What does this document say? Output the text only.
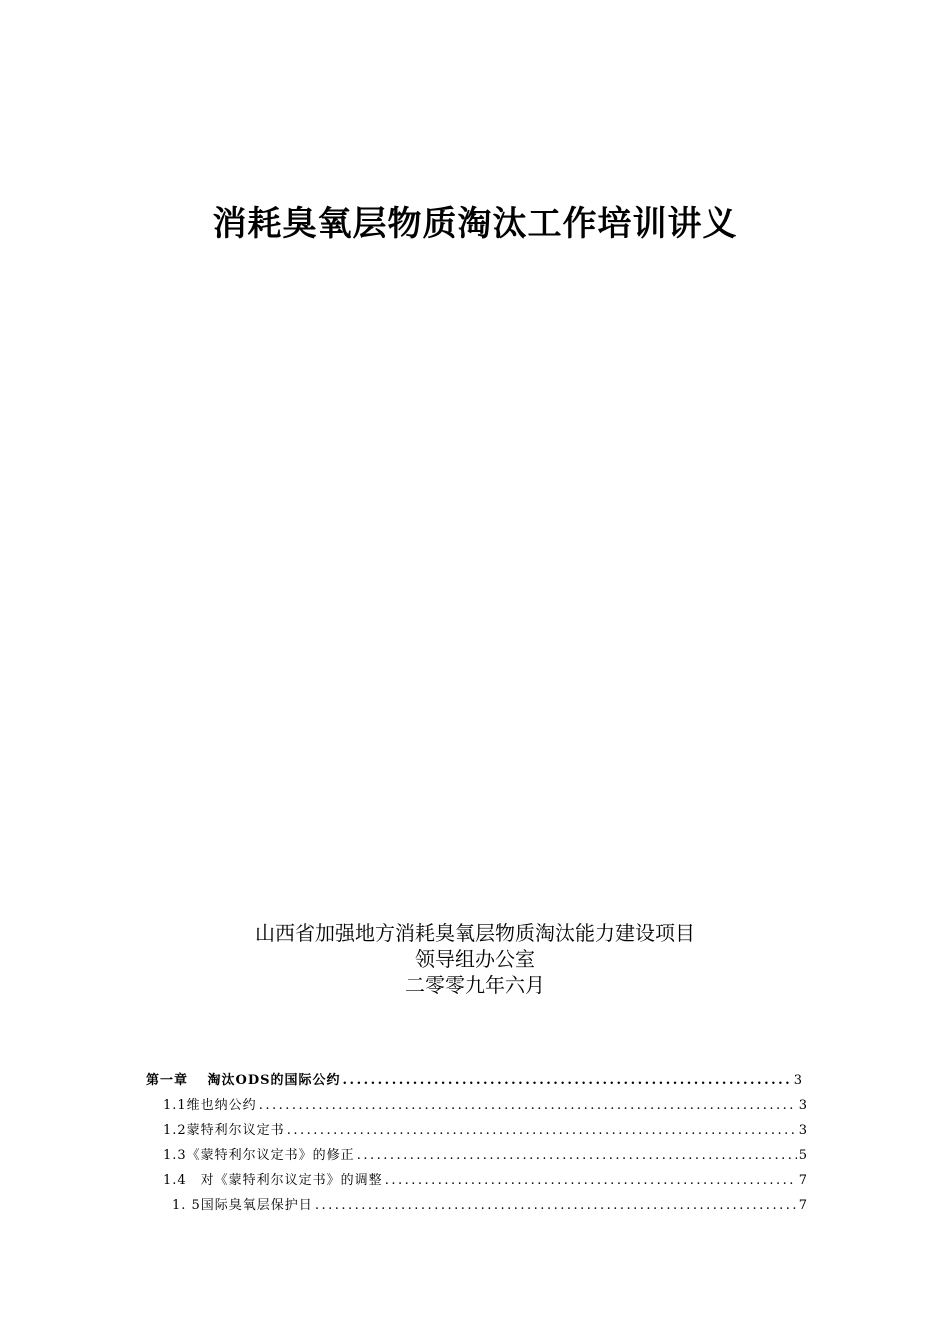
消耗臭氧层物质淘汰工作培训讲义
山西省加强地方消耗臭氧层物质淘汰能力建设项目
领导组办公室
二零零九年六月
第一章　 淘汰ODS的国际公约 .....	3
1.1维也纳公约 .....	3
1.2蒙特利尔议定书 .....	3
1.3《蒙特利尔议定书》的修正 .....	5
1.4　对《蒙特利尔议定书》的调整 .....	7
1. 5国际臭氧层保护日 .....	7
